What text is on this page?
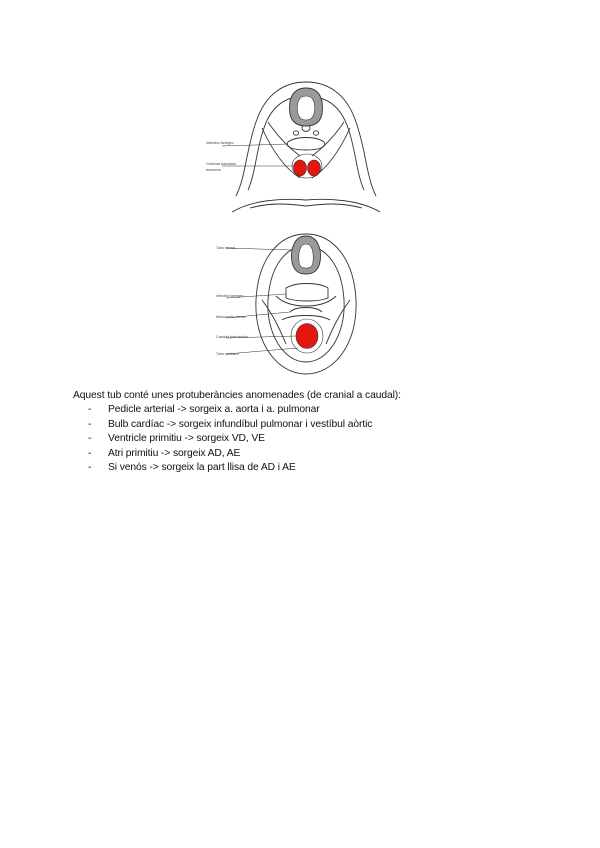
Intestino faringeo
Celomas tubulares
bronceos
Tubo neural
Intestino faringeo
Mesocardio dorsal
Cavidad pericárdica
Tubo cardíaco
Aquest tub conté unes protuberàncies anomenades (de cranial a caudal):
- Pedicle arterial -> sorgeix a. aorta i a. pulmonar
- Bulb cardíac -> sorgeix infundíbul pulmonar i vestíbul aòrtic
- Ventricle primitiu -> sorgeix VD, VE
- Atri primitiu -> sorgeix AD, AE
- Si venós -> sorgeix la part llisa de AD i AE
